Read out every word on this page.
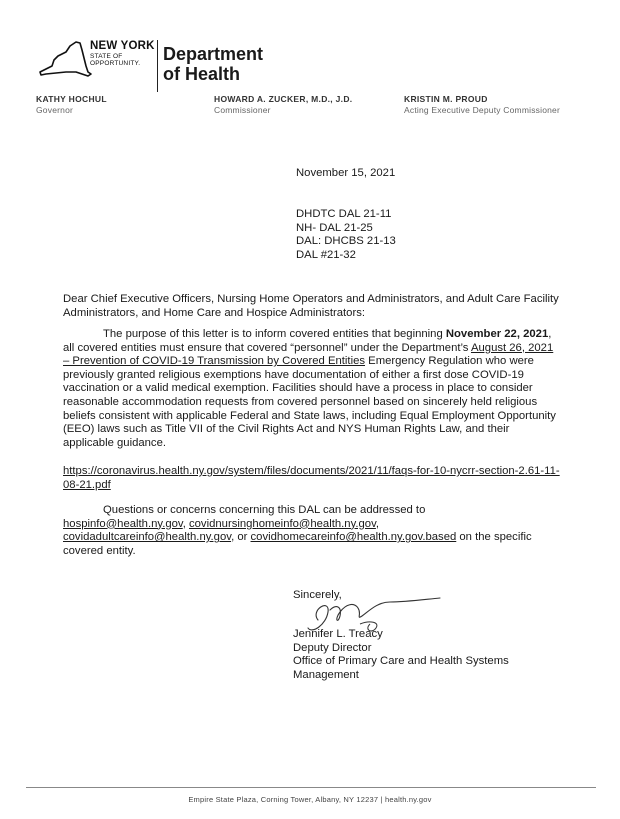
NEW YORK
STATE OF
OPPORTUNITY. Department
of Health
KATHY HOCHUL
Governor
HOWARD A. ZUCKER, M.D., J.D.
Commissioner
KRISTIN M. PROUD
Acting Executive Deputy Commissioner
November 15, 2021
DHDTC DAL 21-11
NH- DAL 21-25
DAL: DHCBS 21-13
DAL #21-32
Dear Chief Executive Officers, Nursing Home Operators and Administrators, and Adult Care Facility Administrators, and Home Care and Hospice Administrators:
The purpose of this letter is to inform covered entities that beginning November 22, 2021, all covered entities must ensure that covered “personnel” under the Department’s August 26, 2021 – Prevention of COVID-19 Transmission by Covered Entities Emergency Regulation who were previously granted religious exemptions have documentation of either a first dose COVID-19 vaccination or a valid medical exemption. Facilities should have a process in place to consider reasonable accommodation requests from covered personnel based on sincerely held religious beliefs consistent with applicable Federal and State laws, including Equal Employment Opportunity (EEO) laws such as Title VII of the Civil Rights Act and NYS Human Rights Law, and their applicable guidance.
https://coronavirus.health.ny.gov/system/files/documents/2021/11/faqs-for-10-nycrr-section-2.61-11-08-21.pdf
Questions or concerns concerning this DAL can be addressed to
hospinfo@health.ny.gov, covidnursinghomeinfo@health.ny.gov,
covidadultcareinfo@health.ny.gov, or covidhomecareinfo@health.ny.gov.based on the specific covered entity.
Sincerely,
Jennifer L. Treacy
Deputy Director
Office of Primary Care and Health Systems
Management
Empire State Plaza, Corning Tower, Albany, NY 12237 | health.ny.gov
